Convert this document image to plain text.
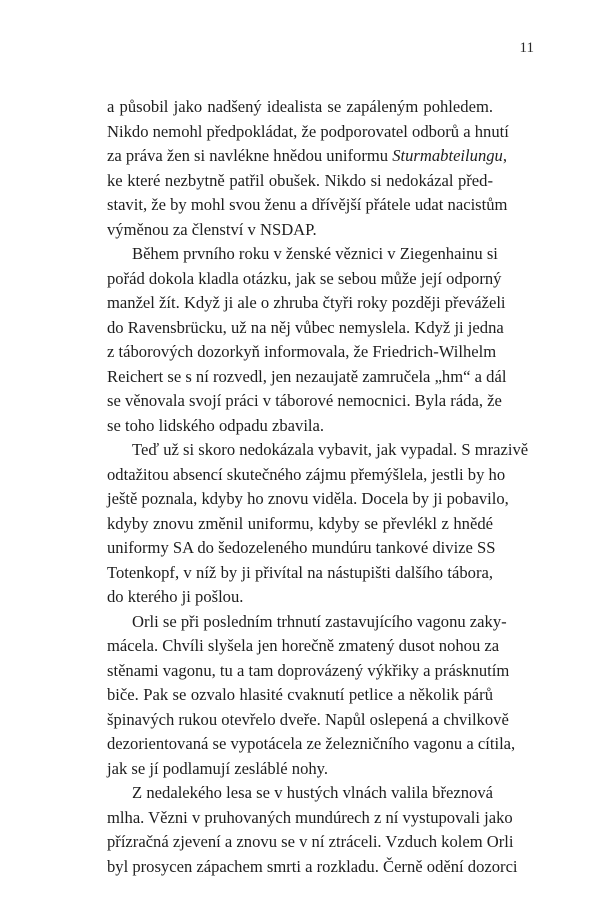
11
a působil jako nadšený idealista se zapáleným pohledem.
Nikdo nemohl předpokládat, že podporovatel odborů a hnutí
za práva žen si navlékne hnědou uniformu Sturmabteilungu,
ke které nezbytně patřil obušek. Nikdo si nedokázal před-
stavit, že by mohl svou ženu a dřívější přátele udat nacistům
výměnou za členství v NSDAP.
Během prvního roku v ženské věznici v Ziegenhainu si
pořád dokola kladla otázku, jak se sebou může její odporný
manžel žít. Když ji ale o zhruba čtyři roky později převáželi
do Ravensbrücku, už na něj vůbec nemyslela. Když ji jedna
z táborových dozorkyň informovala, že Friedrich-Wilhelm
Reichert se s ní rozvedl, jen nezaujatě zamručela „hm“ a dál
se věnovala svojí práci v táborové nemocnici. Byla ráda, že
se toho lidského odpadu zbavila.
Teď už si skoro nedokázala vybavit, jak vypadal. S mrazivě
odtažitou absencí skutečného zájmu přemýšlela, jestli by ho
ještě poznala, kdyby ho znovu viděla. Docela by ji pobavilo,
kdyby znovu změnil uniformu, kdyby se převlékl z hnědé
uniformy SA do šedozeleného mundúru tankové divize SS
Totenkopf, v níž by ji přivítal na nástupišti dalšího tábora,
do kterého ji pošlou.
Orli se při posledním trhnutí zastavujícího vagonu zaky-
mácela. Chvíli slyšela jen horečně zmatený dusot nohou za
stěnami vagonu, tu a tam doprovázený výkřiky a prásknutím
biče. Pak se ozvalo hlasité cvaknutí petlice a několik párů
špinavých rukou otevřelo dveře. Napůl oslepená a chvilkově
dezorientovaná se vypotácela ze železničního vagonu a cítila,
jak se jí podlamují zesláblé nohy.
Z nedalekého lesa se v hustých vlnách valila březnová
mlha. Vězni v pruhovaných mundúrech z ní vystupovali jako
přízračná zjevení a znovu se v ní ztráceli. Vzduch kolem Orli
byl prosycen zápachem smrti a rozkladu. Černě odění dozorci
